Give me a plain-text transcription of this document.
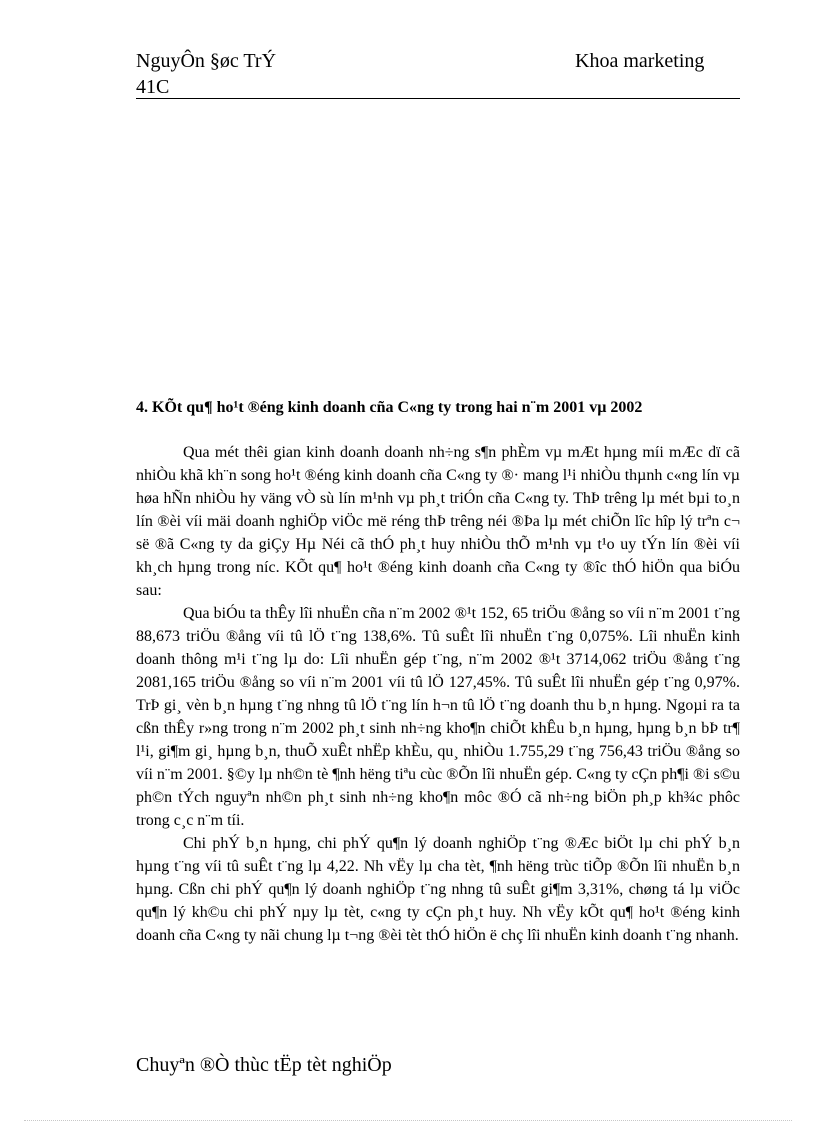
NguyÔn §øc TrÝ
41C
Khoa marketing
4. KÕt qu¶ ho¹t ®éng kinh doanh cña C«ng ty trong hai n¨m 2001 vµ 2002

Qua mét thêi gian kinh doanh doanh nh÷ng s¶n phÈm vµ mÆt hµng míi mÆc dï cã nhiÒu khã kh¨n song ho¹t ®éng kinh doanh cña C«ng ty ®· mang l¹i nhiÒu thµnh c«ng lín vµ høa hÑn nhiÒu hy väng vÒ sù lín m¹nh vµ ph¸t triÓn cña C«ng ty. ThÞ trêng lµ mét bµi to¸n lín ®èi víi mäi doanh nghiÖp viÖc më réng thÞ trêng néi ®Þa lµ mét chiÕn lîc hîp lý trªn c¬ së ®ã C«ng ty da giÇy Hµ Néi cã thÓ ph¸t huy nhiÒu thÕ m¹nh vµ t¹o uy tÝn lín ®èi víi kh¸ch hµng trong níc. KÕt qu¶ ho¹t ®éng kinh doanh cña C«ng ty ®îc thÓ hiÖn qua biÓu sau:

Qua biÓu ta thÊy lîi nhuËn cña n¨m 2002 ®¹t 152, 65 triÖu ®ång so víi n¨m 2001 t¨ng 88,673 triÖu ®ång víi tû lÖ t¨ng 138,6%. Tû suÊt lîi nhuËn t¨ng 0,075%. Lîi nhuËn kinh doanh thông m¹i t¨ng lµ do: Lîi nhuËn gép t¨ng, n¨m 2002 ®¹t 3714,062 triÖu ®ång t¨ng 2081,165 triÖu ®ång so víi n¨m 2001 víi tû lÖ 127,45%. Tû suÊt lîi nhuËn gép t¨ng 0,97%. TrÞ gi¸ vèn b¸n hµng t¨ng nhng tû lÖ t¨ng lín h¬n tû lÖ t¨ng doanh thu b¸n hµng. Ngoµi ra ta cßn thÊy r»ng trong n¨m 2002 ph¸t sinh nh÷ng kho¶n chiÕt khÊu b¸n hµng, hµng b¸n bÞ tr¶ l¹i, gi¶m gi¸ hµng b¸n, thuÕ xuÊt nhËp khÈu, qu¸ nhiÒu 1.755,29 t¨ng 756,43 triÖu ®ång so víi n¨m 2001. §©y lµ nh©n tè ¶nh hëng tiªu cùc ®Õn lîi nhuËn gép. C«ng ty cÇn ph¶i ®i s©u ph©n tÝch nguyªn nh©n ph¸t sinh nh÷ng kho¶n môc ®Ó cã nh÷ng biÖn ph¸p kh¾c phôc trong c¸c n¨m tíi.

Chi phÝ b¸n hµng, chi phÝ qu¶n lý doanh nghiÖp t¨ng ®Æc biÖt lµ chi phÝ b¸n hµng t¨ng víi tû suÊt t¨ng lµ 4,22. Nh vËy lµ cha tèt, ¶nh hëng trùc tiÕp ®Õn lîi nhuËn b¸n hµng. Cßn chi phÝ qu¶n lý doanh nghiÖp t¨ng nhng tû suÊt gi¶m 3,31%, chøng tá lµ viÖc qu¶n lý kh©u chi phÝ nµy lµ tèt, c«ng ty cÇn ph¸t huy. Nh vËy kÕt qu¶ ho¹t ®éng kinh doanh cña C«ng ty nãi chung lµ t¬ng ®èi tèt thÓ hiÖn ë chç lîi nhuËn kinh doanh t¨ng nhanh.

Chuyªn ®Ò thùc tËp tèt nghiÖp
